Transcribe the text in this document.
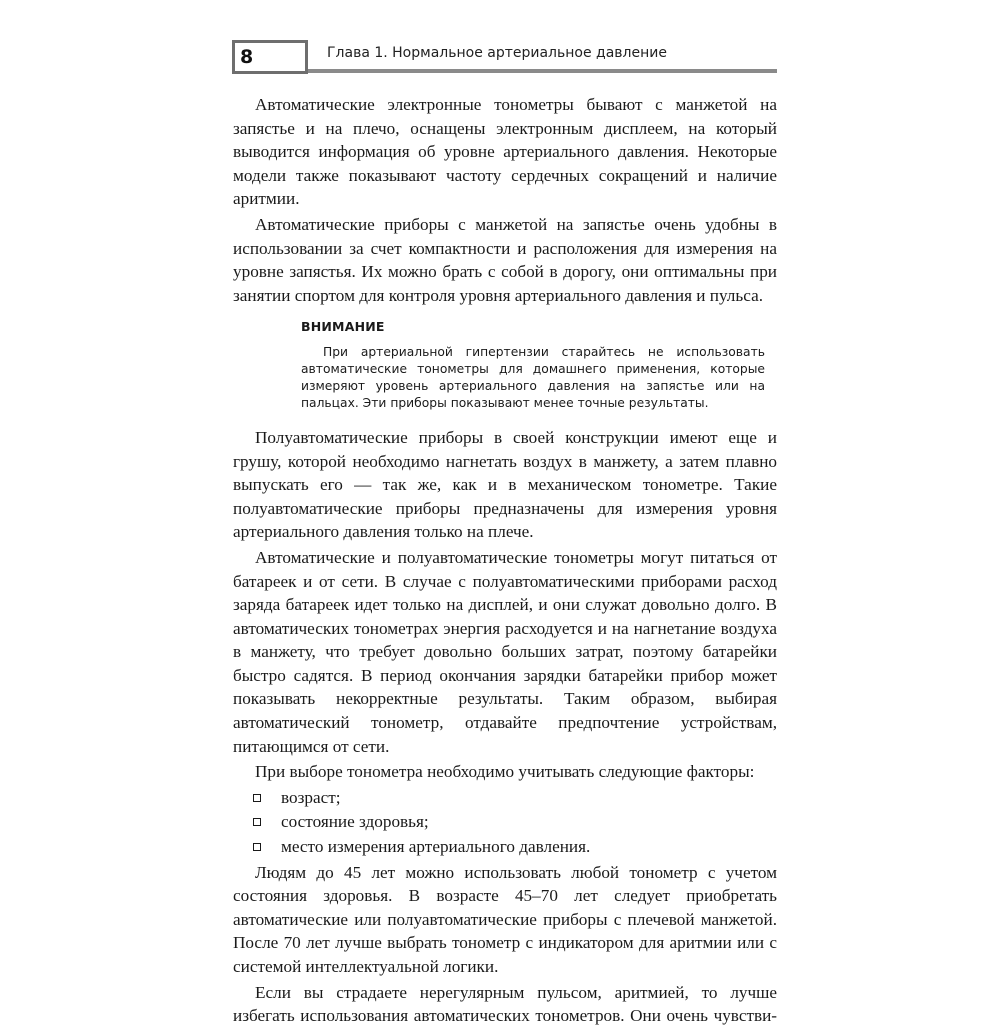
8	Глава 1. Нормальное артериальное давление

Автоматические электронные тонометры бывают с манжетой на запястье и на плечо, оснащены электронным дисплеем, на который выводится информация об уровне артериального давления. Некоторые модели также показывают частоту сердечных сокращений и наличие аритмии.

Автоматические приборы с манжетой на запястье очень удобны в использовании за счет компактности и расположения для измерения на уровне запястья. Их можно брать с собой в дорогу, они оптимальны при занятии спортом для контроля уровня артериального давления и пульса.

ВНИМАНИЕ

При артериальной гипертензии старайтесь не использовать автоматические тонометры для домашнего применения, которые измеряют уровень артериального давления на запястье или на пальцах. Эти приборы показывают менее точные результаты.

Полуавтоматические приборы в своей конструкции имеют еще и грушу, которой необходимо нагнетать воздух в манжету, а затем плавно выпускать его — так же, как и в механическом тонометре. Такие полуавтоматические приборы предназначены для измерения уровня артериального давления только на плече.

Автоматические и полуавтоматические тонометры могут питаться от батареек и от сети. В случае с полуавтоматическими приборами расход заряда батареек идет только на дисплей, и они служат довольно долго. В автоматических тонометрах энергия расходуется и на нагнетание воздуха в манжету, что требует довольно больших затрат, поэтому батарейки быстро садятся. В период окончания зарядки батарейки прибор может показывать некорректные результаты. Таким образом, выбирая автоматический тонометр, отдавайте предпочтение устройствам, питающимся от сети.

При выборе тонометра необходимо учитывать следующие факторы:

возраст;
состояние здоровья;
место измерения артериального давления.

Людям до 45 лет можно использовать любой тонометр с учетом состояния здоровья. В возрасте 45–70 лет следует приобретать автоматические или полуавтоматические приборы с плечевой манжетой. После 70 лет лучше выбрать тонометр с индикатором для аритмии или с системой интеллектуальной логики.

Если вы страдаете нерегулярным пульсом, аритмией, то лучше избегать использования автоматических тонометров. Они очень чувстви-
